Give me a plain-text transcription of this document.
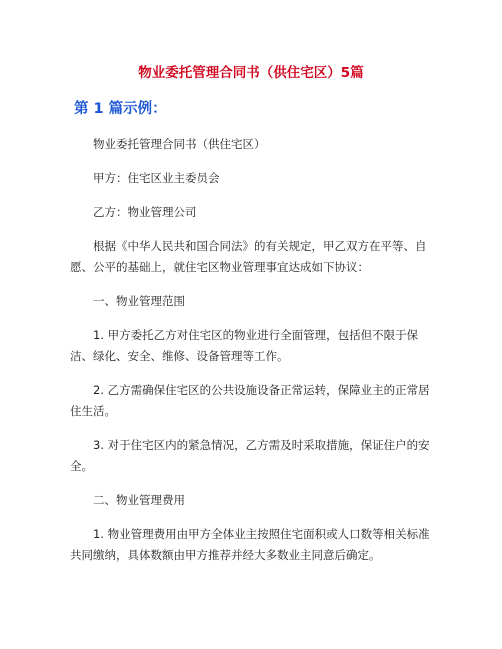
物业委托管理合同书（供住宅区）5篇
第 1 篇示例：

物业委托管理合同书（供住宅区）

甲方：住宅区业主委员会

乙方：物业管理公司

根据《中华人民共和国合同法》的有关规定，甲乙双方在平等、自愿、公平的基础上，就住宅区物业管理事宜达成如下协议：

一、物业管理范围

1. 甲方委托乙方对住宅区的物业进行全面管理，包括但不限于保洁、绿化、安全、维修、设备管理等工作。

2. 乙方需确保住宅区的公共设施设备正常运转，保障业主的正常居住生活。

3. 对于住宅区内的紧急情况，乙方需及时采取措施，保证住户的安全。

二、物业管理费用

1. 物业管理费用由甲方全体业主按照住宅面积或人口数等相关标准共同缴纳，具体数额由甲方推荐并经大多数业主同意后确定。
